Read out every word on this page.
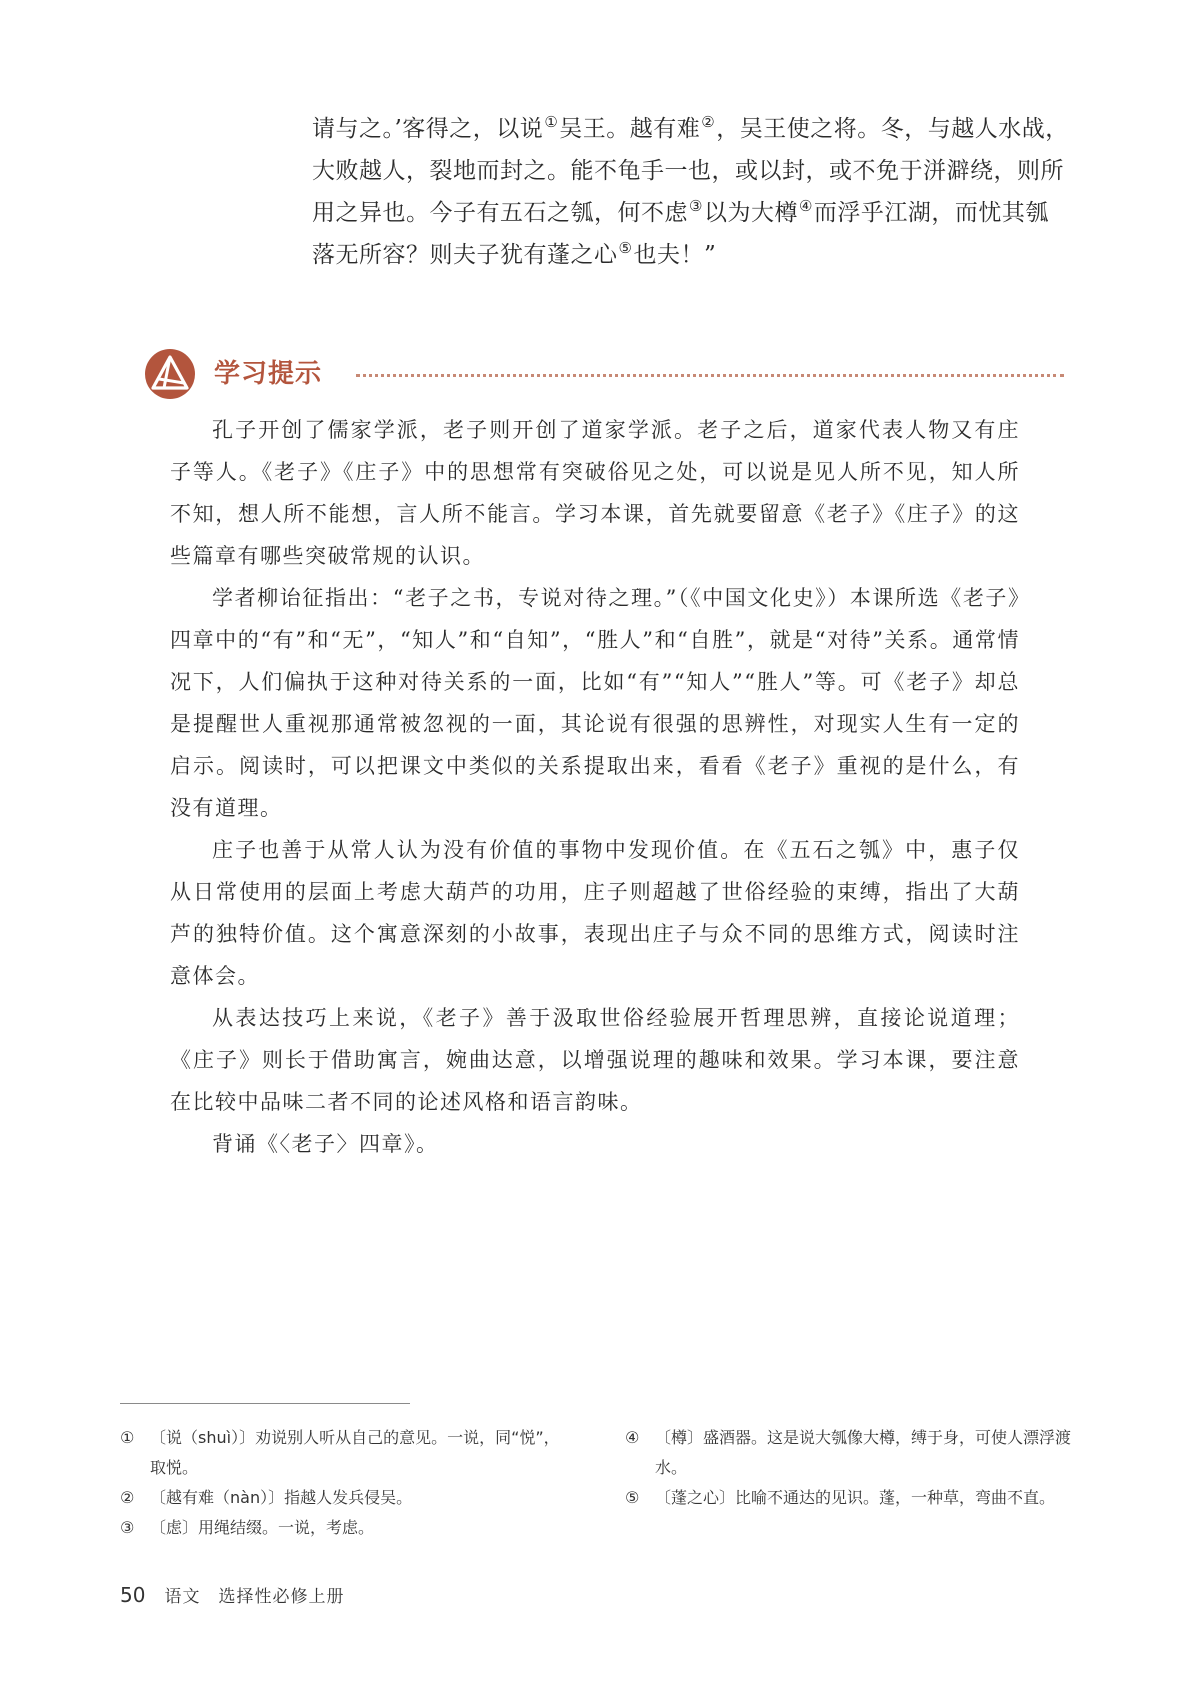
请与之。’客得之，以说①吴王。越有难②，吴王使之将。冬，与越人水战，大败越人，裂地而封之。能不龟手一也，或以封，或不免于洴澼绕，则所用之异也。今子有五石之瓠，何不虑③以为大樽④而浮乎江湖，而忧其瓠落无所容？则夫子犹有蓬之心⑤也夫！”

学习提示

孔子开创了儒家学派，老子则开创了道家学派。老子之后，道家代表人物又有庄子等人。《老子》《庄子》中的思想常有突破俗见之处，可以说是见人所不见，知人所不知，想人所不能想，言人所不能言。学习本课，首先就要留意《老子》《庄子》的这些篇章有哪些突破常规的认识。

学者柳诒征指出：“老子之书，专说对待之理。”（《中国文化史》）本课所选《老子》四章中的“有”和“无”，“知人”和“自知”，“胜人”和“自胜”，就是“对待”关系。通常情况下，人们偏执于这种对待关系的一面，比如“有”“知人”“胜人”等。可《老子》却总是提醒世人重视那通常被忽视的一面，其论说有很强的思辨性，对现实人生有一定的启示。阅读时，可以把课文中类似的关系提取出来，看看《老子》重视的是什么，有没有道理。

庄子也善于从常人认为没有价值的事物中发现价值。在《五石之瓠》中，惠子仅从日常使用的层面上考虑大葫芦的功用，庄子则超越了世俗经验的束缚，指出了大葫芦的独特价值。这个寓意深刻的小故事，表现出庄子与众不同的思维方式，阅读时注意体会。

从表达技巧上来说，《老子》善于汲取世俗经验展开哲理思辨，直接论说道理；《庄子》则长于借助寓言，婉曲达意，以增强说理的趣味和效果。学习本课，要注意在比较中品味二者不同的论述风格和语言韵味。

背诵《〈老子〉四章》。

① 〔说（shuì）〕劝说别人听从自己的意见。一说，同“悦”，取悦。
② 〔越有难（nàn）〕指越人发兵侵吴。
③ 〔虑〕用绳结缀。一说，考虑。
④ 〔樽〕盛酒器。这是说大瓠像大樽，缚于身，可使人漂浮渡水。
⑤ 〔蓬之心〕比喻不通达的见识。蓬，一种草，弯曲不直。
50 语文　选择性必修上册
